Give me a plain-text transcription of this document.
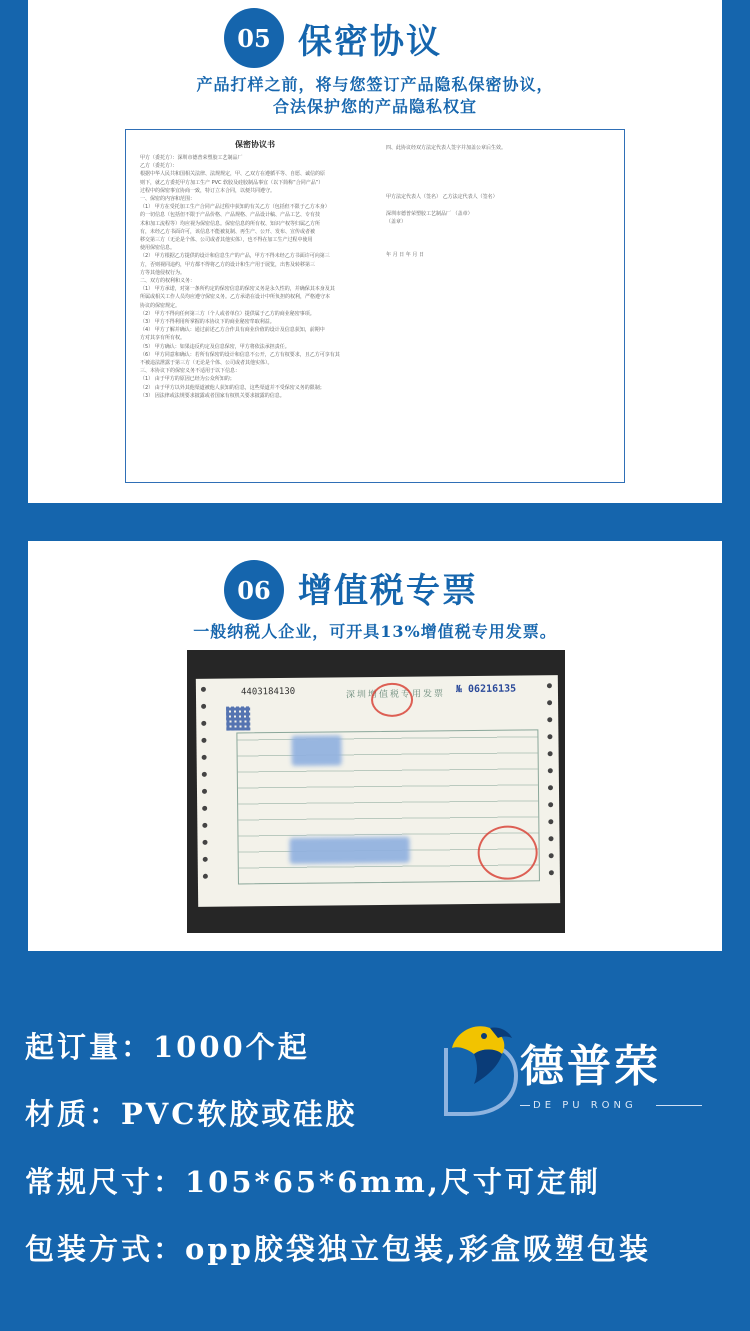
05 保密协议
产品打样之前，将与您签订产品隐私保密协议，
合法保护您的产品隐私权宜
保密协议书
甲方（委托方）：深圳市德普荣塑胶工艺制品厂
乙方（委托方）：
根据中华人民共和国相关法律、法规规定，甲、乙双方在遵循平等、自愿、诚信的原
则下，就乙方委托甲方加工生产 PVC 软胶及硅胶制品事宜（以下简称“合同产品”）
过程中的保密事宜协商一致，特订立本合同，以便共同遵守。
一、保密的内容和范围：
（1） 甲方在受托加工生产合同产品过程中获知的有关乙方（包括但不限于乙方本身）
的一切信息（包括但不限于产品价格、产品规格、产品设计稿、产品工艺、专有技
术和加工流程等）均应视为保密信息。保密信息的所有权、知识产权等归属乙方所
有，未经乙方书面许可，该信息不能被复制、再生产、公开、发布、宣传或者被
移交第三方（无论是个体、公司或者其他实体），也不得在加工生产过程中使用
使用保密信息。
（2） 甲方根据乙方提供的设计和信息生产的产品，甲方不得未经乙方书面许可向第三
方，否则视同违约，甲方都不得将乙方的设计和生产用于展览，出售及转移第三
方等其他侵权行为。
二、双方的权利和义务：
（1） 甲方承诺，对第一条所约定的保密信息的保密义务是永久性的，并确保其本身及其
所属或相关工作人员均应遵守保密义务。乙方承诺在设计中所负担的权利，严格遵守本
协议的保密规定。
（2） 甲方不得向任何第三方（个人或者单位）提供属于乙方的商业秘密事项。
（3） 甲方不得利用所掌握的本协议下的商业秘密牟取利益。
（4） 甲方了解并确认：通过前述乙方合作具有商业价值的设计及信息获知，前期中
方对其享有所有权。
（5） 甲方确认：如果违反约定及信息保密，甲方将依法承担责任。
（6） 甲方同意和确认：若所有保密的设计和信息不公开，乙方有权要求，且乙方可享有其
不被违法泄露于第三方（无论是个体、公司或者其他实体）。
三、本协议下的保密义务不适用于以下信息：
（1） 由于甲方的原因已经为公众所知的；
（2） 由于甲方以外其他渠道被他人获知的信息，这些渠道并不受保密义务的限制；
（3） 因法律或法规要求披露或者国家有权机关要求披露的信息。
四、此协议经双方法定代表人签字并加盖公章后生效。

甲方法定代表人（签名） 乙方法定代表人（签名）

深圳市德普荣塑胶工艺制品厂 （盖章）
（盖章）

年 月 日 年 月 日
06 增值税专票
一般纳税人企业，可开具13%增值税专用发票。
4403184130	深圳增值税专用发票 № 06216135
起订量：1000个起
材质：PVC软胶或硅胶
常规尺寸：105*65*6mm,尺寸可定制
包装方式：opp胶袋独立包装,彩盒吸塑包装
德普荣
DE PU RONG
